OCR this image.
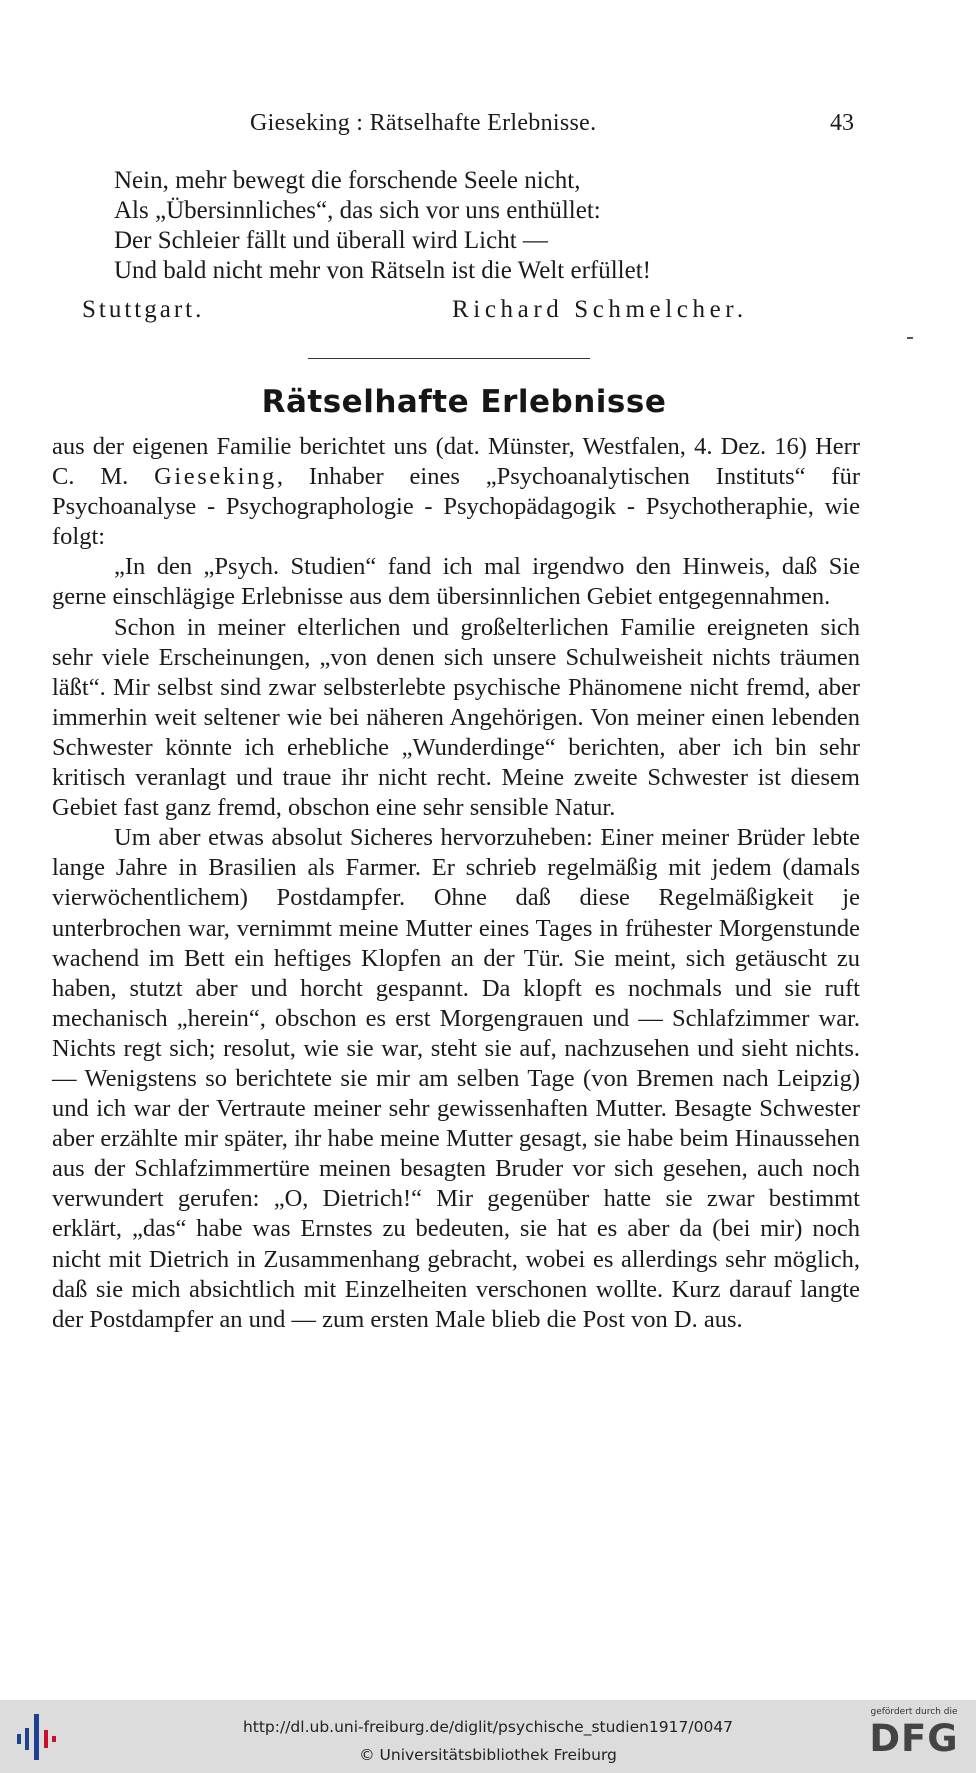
Gieseking : Rätselhafte Erlebnisse.	43
Nein, mehr bewegt die forschende Seele nicht,
Als „Übersinnliches“, das sich vor uns enthüllet:
Der Schleier fällt und überall wird Licht —
Und bald nicht mehr von Rätseln ist die Welt erfüllet!
Stuttgart.	Richard Schmelcher.
Rätselhafte Erlebnisse

aus der eigenen Familie berichtet uns (dat. Münster, Westfalen, 4. Dez. 16) Herr C. M. Gieseking, Inhaber eines „Psychoanalytischen Instituts“ für Psychoanalyse - Psychographologie - Psychopädagogik - Psychotheraphie, wie folgt:

„In den „Psych. Studien“ fand ich mal irgendwo den Hinweis, daß Sie gerne einschlägige Erlebnisse aus dem übersinnlichen Gebiet entgegennahmen.

Schon in meiner elterlichen und großelterlichen Familie ereigneten sich sehr viele Erscheinungen, „von denen sich unsere Schulweisheit nichts träumen läßt“. Mir selbst sind zwar selbsterlebte psychische Phänomene nicht fremd, aber immerhin weit seltener wie bei näheren Angehörigen. Von meiner einen lebenden Schwester könnte ich erhebliche „Wunderdinge“ berichten, aber ich bin sehr kritisch veranlagt und traue ihr nicht recht. Meine zweite Schwester ist diesem Gebiet fast ganz fremd, obschon eine sehr sensible Natur.

Um aber etwas absolut Sicheres hervorzuheben: Einer meiner Brüder lebte lange Jahre in Brasilien als Farmer. Er schrieb regelmäßig mit jedem (damals vierwöchentlichem) Postdampfer. Ohne daß diese Regelmäßigkeit je unterbrochen war, vernimmt meine Mutter eines Tages in frühester Morgenstunde wachend im Bett ein heftiges Klopfen an der Tür. Sie meint, sich getäuscht zu haben, stutzt aber und horcht gespannt. Da klopft es nochmals und sie ruft mechanisch „herein“, obschon es erst Morgengrauen und — Schlafzimmer war. Nichts regt sich; resolut, wie sie war, steht sie auf, nachzusehen und sieht nichts. — Wenigstens so berichtete sie mir am selben Tage (von Bremen nach Leipzig) und ich war der Vertraute meiner sehr gewissenhaften Mutter. Besagte Schwester aber erzählte mir später, ihr habe meine Mutter gesagt, sie habe beim Hinaussehen aus der Schlafzimmertüre meinen besagten Bruder vor sich gesehen, auch noch verwundert gerufen: „O, Dietrich!“ Mir gegenüber hatte sie zwar bestimmt erklärt, „das“ habe was Ernstes zu bedeuten, sie hat es aber da (bei mir) noch nicht mit Dietrich in Zusammenhang gebracht, wobei es allerdings sehr möglich, daß sie mich absichtlich mit Einzelheiten verschonen wollte. Kurz darauf langte der Postdampfer an und — zum ersten Male blieb die Post von D. aus.

http://dl.ub.uni-freiburg.de/diglit/psychische_studien1917/0047
© Universitätsbibliothek Freiburg
gefördert durch die
DFG
